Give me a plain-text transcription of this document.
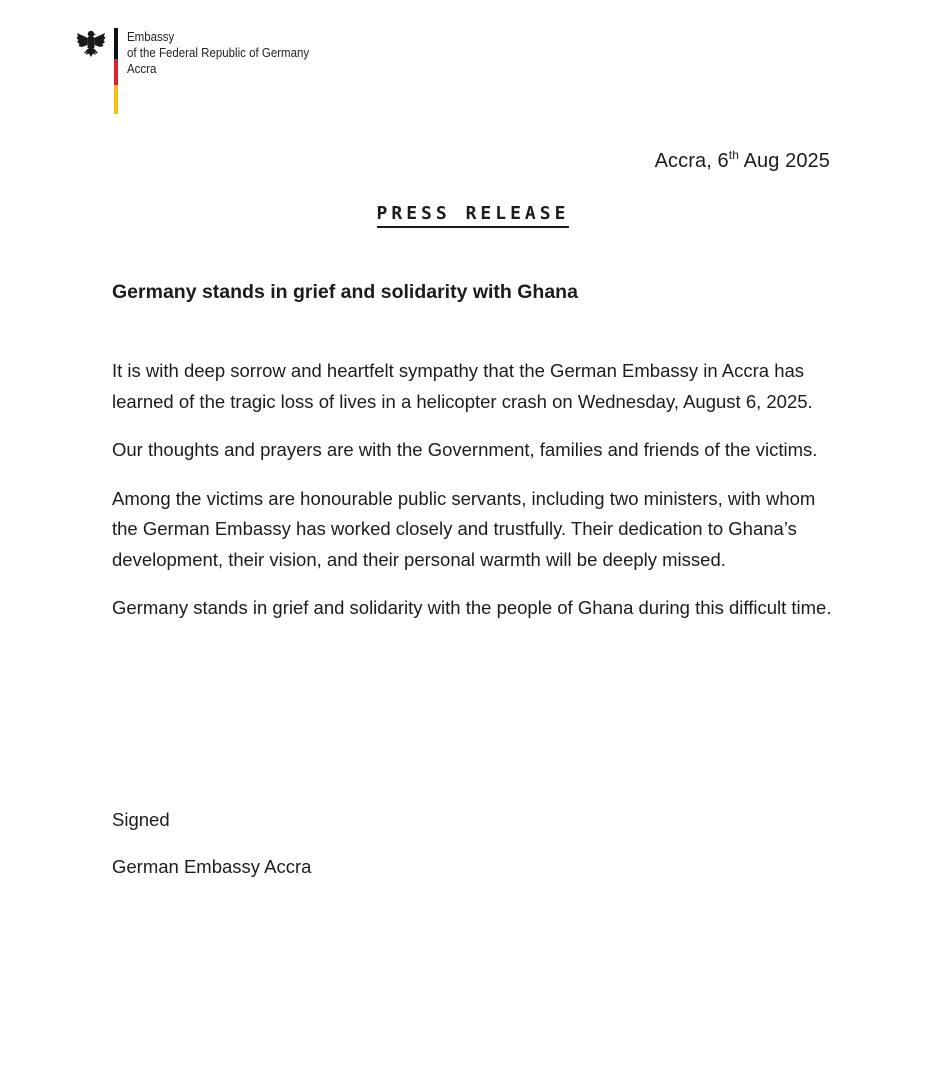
Embassy
of the Federal Republic of Germany
Accra
Accra, 6th Aug 2025
PRESS RELEASE
Germany stands in grief and solidarity with Ghana

It is with deep sorrow and heartfelt sympathy that the German Embassy in Accra has learned of the tragic loss of lives in a helicopter crash on Wednesday, August 6, 2025.

Our thoughts and prayers are with the Government, families and friends of the victims.

Among the victims are honourable public servants, including two ministers, with whom the German Embassy has worked closely and trustfully. Their dedication to Ghana’s development, their vision, and their personal warmth will be deeply missed.

Germany stands in grief and solidarity with the people of Ghana during this difficult time.

Signed
German Embassy Accra
